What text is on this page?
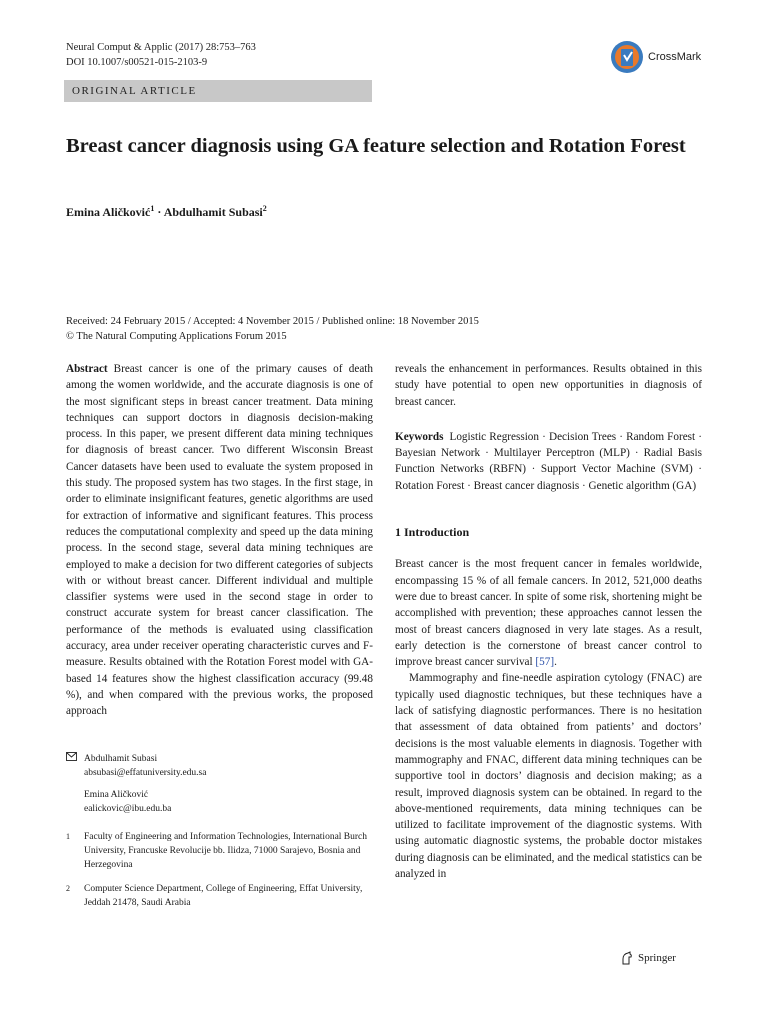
Neural Comput & Applic (2017) 28:753–763
DOI 10.1007/s00521-015-2103-9	CrossMark
ORIGINAL ARTICLE
Breast cancer diagnosis using GA feature selection and Rotation Forest
Emina Aličković$^1$ · Abdulhamit Subasi$^2$
Received: 24 February 2015 / Accepted: 4 November 2015 / Published online: 18 November 2015
© The Natural Computing Applications Forum 2015

Abstract Breast cancer is one of the primary causes of death among the women worldwide, and the accurate diagnosis is one of the most significant steps in breast cancer treatment. Data mining techniques can support doctors in diagnosis decision-making process. In this paper, we present different data mining techniques for diagnosis of breast cancer. Two different Wisconsin Breast Cancer datasets have been used to evaluate the system proposed in this study. The proposed system has two stages. In the first stage, in order to eliminate insignificant features, genetic algorithms are used for extraction of informative and significant features. This process reduces the computational complexity and speed up the data mining process. In the second stage, several data mining techniques are employed to make a decision for two different categories of subjects with or without breast cancer. Different individual and multiple classifier systems were used in the second stage in order to construct accurate system for breast cancer classification. The performance of the methods is evaluated using classification accuracy, area under receiver operating characteristic curves and F-measure. Results obtained with the Rotation Forest model with GA-based 14 features show the highest classification accuracy (99.48 %), and when compared with the previous works, the proposed approach

Abdulhamit Subasi
absubasi@effatuniversity.edu.sa
Emina Aličković
ealickovic@ibu.edu.ba
1	Faculty of Engineering and Information Technologies, International Burch University, Francuske Revolucije bb. Ilidza, 71000 Sarajevo, Bosnia and Herzegovina
2	Computer Science Department, College of Engineering, Effat University, Jeddah 21478, Saudi Arabia

reveals the enhancement in performances. Results obtained in this study have potential to open new opportunities in diagnosis of breast cancer.

Keywords Logistic Regression · Decision Trees · Random Forest · Bayesian Network · Multilayer Perceptron (MLP) · Radial Basis Function Networks (RBFN) · Support Vector Machine (SVM) · Rotation Forest · Breast cancer diagnosis · Genetic algorithm (GA)

1 Introduction

Breast cancer is the most frequent cancer in females worldwide, encompassing 15 % of all female cancers. In 2012, 521,000 deaths were due to breast cancer. In spite of some risk, shortening might be accomplished with prevention; these approaches cannot lessen the most of breast cancers diagnosed in very late stages. As a result, early detection is the cornerstone of breast cancer control to improve breast cancer survival [57].

Mammography and fine-needle aspiration cytology (FNAC) are typically used diagnostic techniques, but these techniques have a lack of satisfying diagnostic performances. There is no hesitation that assessment of data obtained from patients’ and doctors’ decisions is the most valuable elements in diagnosis. Together with mammography and FNAC, different data mining techniques can be supportive tool in doctors’ diagnosis and decision making; as a result, improved diagnosis system can be obtained. In regard to the above-mentioned requirements, data mining techniques can be utilized to facilitate improvement of the diagnostic systems. With using automatic diagnostic systems, the probable doctor mistakes during diagnosis can be eliminated, and the medical statistics can be analyzed in

Springer
